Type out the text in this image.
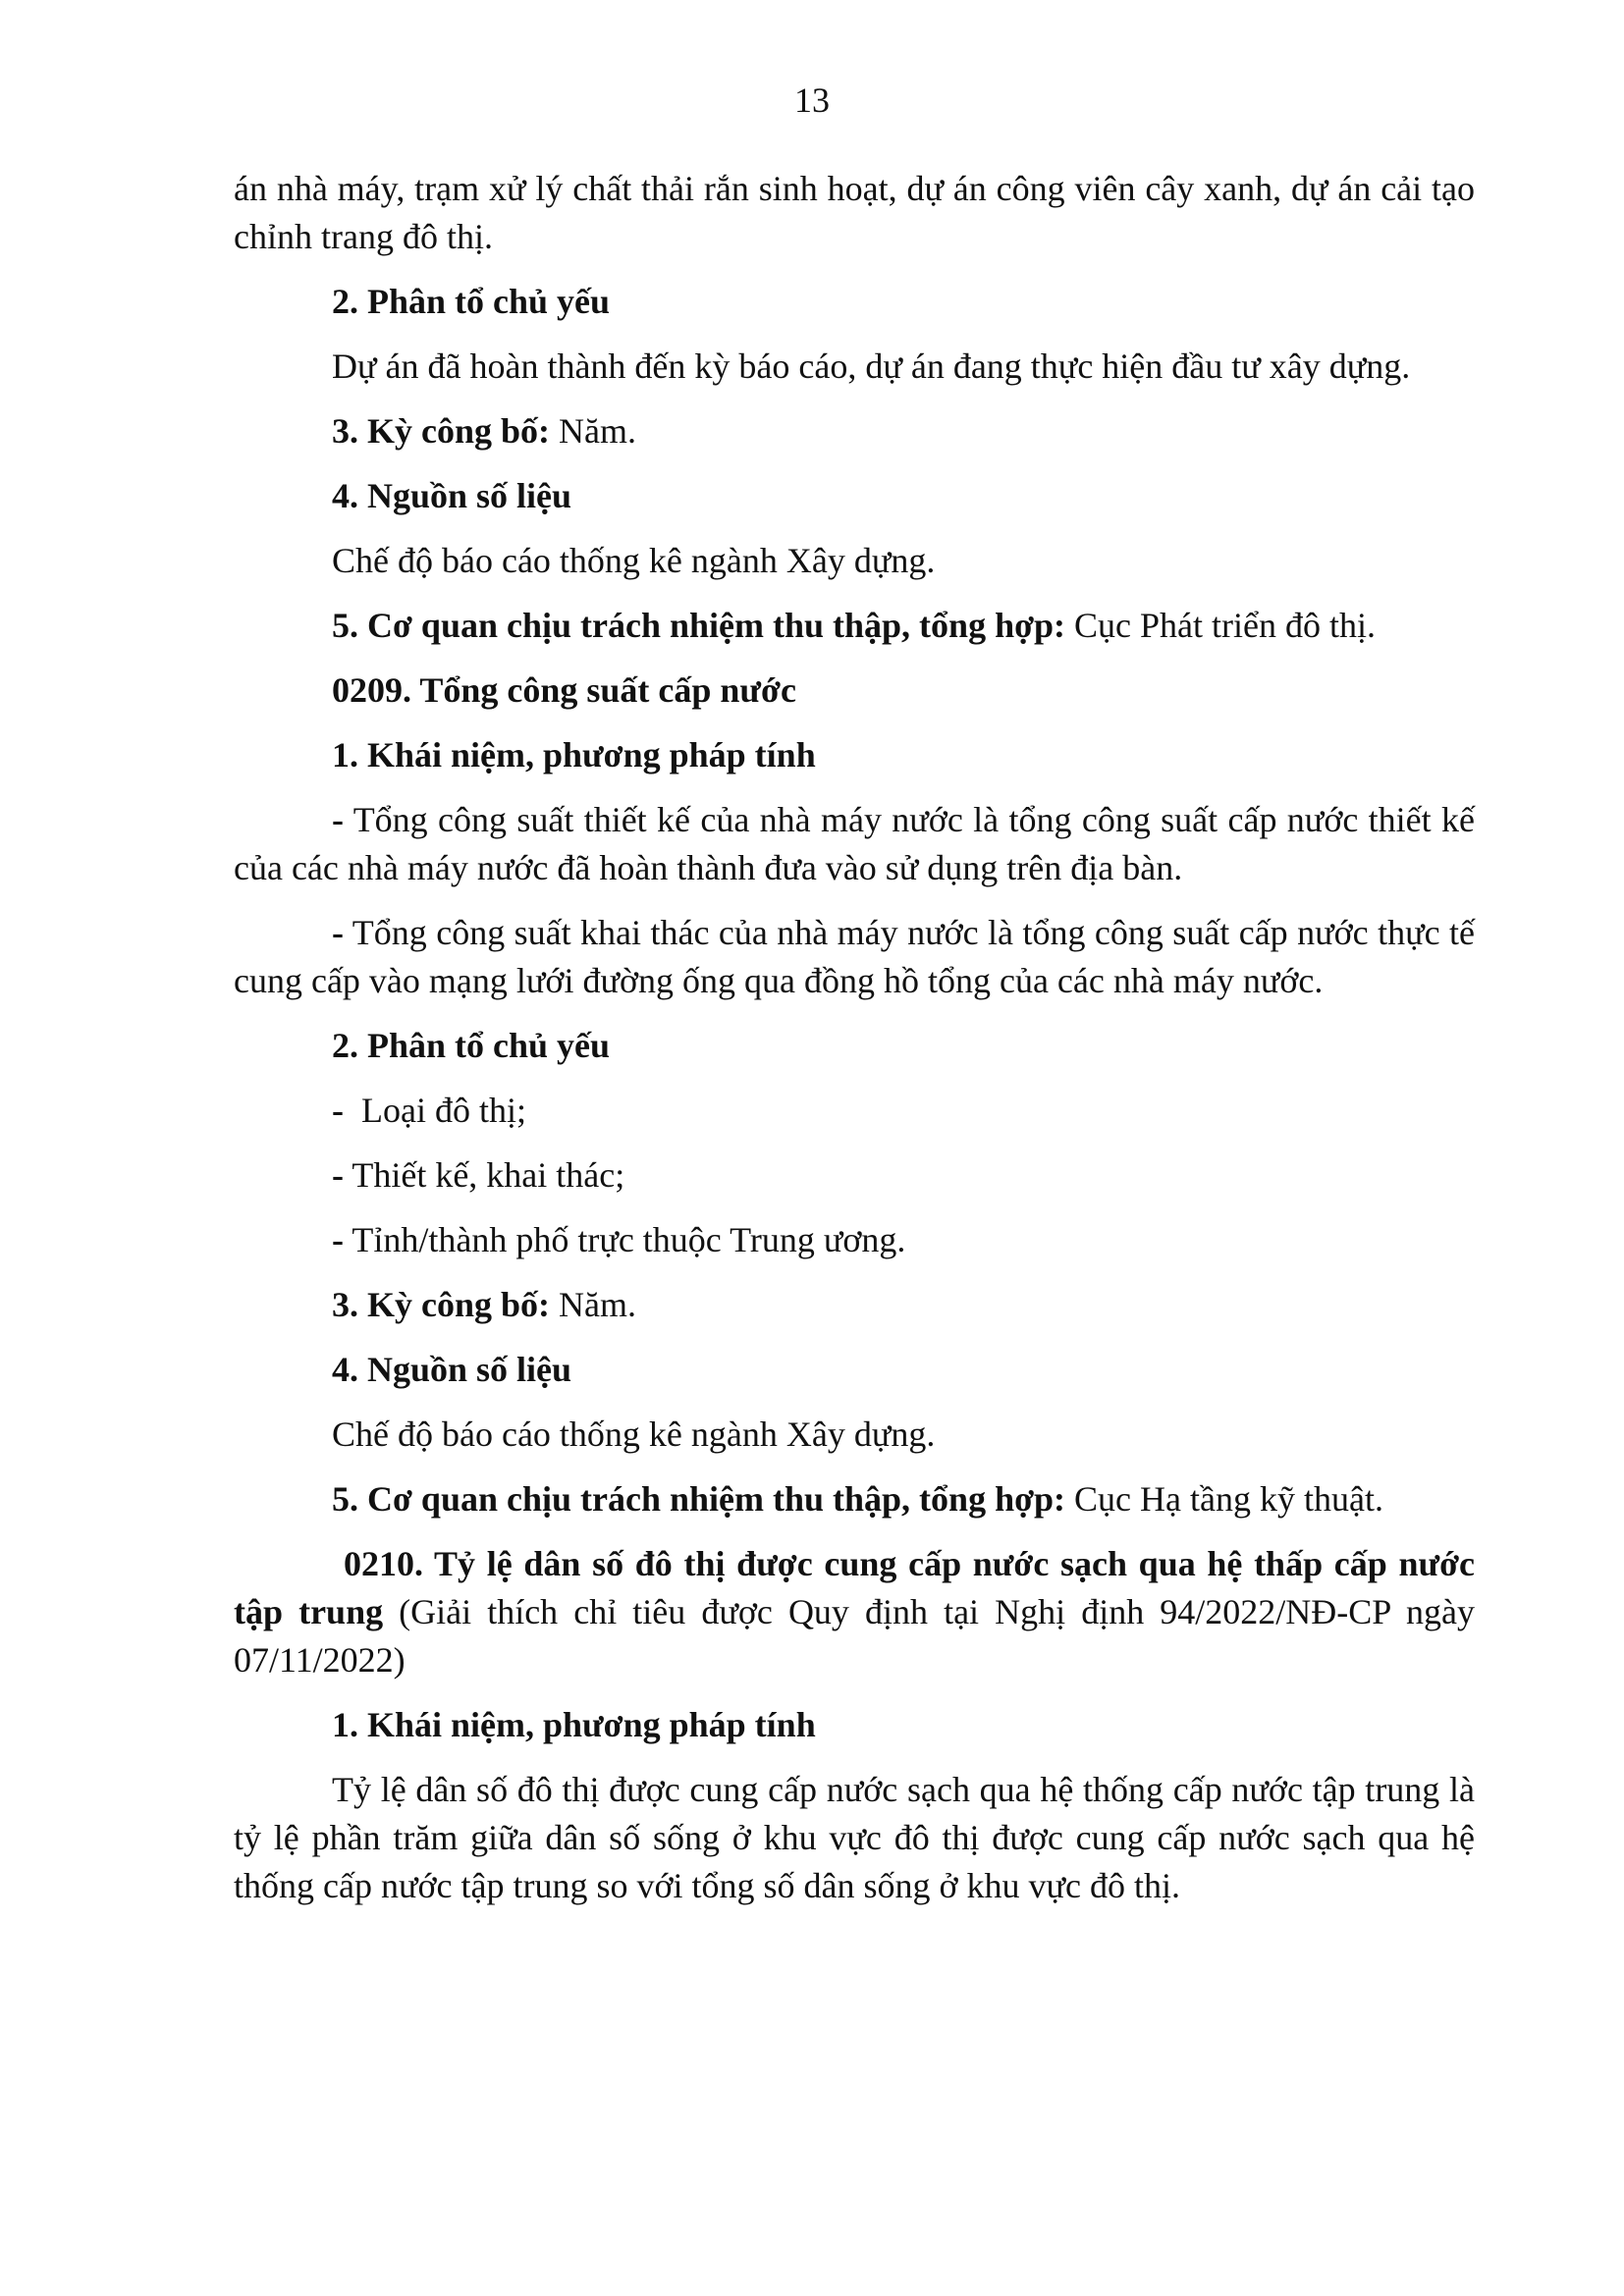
13

án nhà máy, trạm xử lý chất thải rắn sinh hoạt, dự án công viên cây xanh, dự án cải tạo chỉnh trang đô thị.

2. Phân tổ chủ yếu

Dự án đã hoàn thành đến kỳ báo cáo, dự án đang thực hiện đầu tư xây dựng.

3. Kỳ công bố: Năm.

4. Nguồn số liệu

Chế độ báo cáo thống kê ngành Xây dựng.

5. Cơ quan chịu trách nhiệm thu thập, tổng hợp: Cục Phát triển đô thị.

0209. Tổng công suất cấp nước

1. Khái niệm, phương pháp tính

- Tổng công suất thiết kế của nhà máy nước là tổng công suất cấp nước thiết kế của các nhà máy nước đã hoàn thành đưa vào sử dụng trên địa bàn.

- Tổng công suất khai thác của nhà máy nước là tổng công suất cấp nước thực tế cung cấp vào mạng lưới đường ống qua đồng hồ tổng của các nhà máy nước.

2. Phân tổ chủ yếu

-  Loại đô thị;

- Thiết kế, khai thác;

- Tỉnh/thành phố trực thuộc Trung ương.

3. Kỳ công bố: Năm.

4. Nguồn số liệu

Chế độ báo cáo thống kê ngành Xây dựng.

5. Cơ quan chịu trách nhiệm thu thập, tổng hợp: Cục Hạ tầng kỹ thuật.

0210. Tỷ lệ dân số đô thị được cung cấp nước sạch qua hệ thấp cấp nước tập trung (Giải thích chỉ tiêu được Quy định tại Nghị định 94/2022/NĐ-CP ngày 07/11/2022)

1. Khái niệm, phương pháp tính

Tỷ lệ dân số đô thị được cung cấp nước sạch qua hệ thống cấp nước tập trung là tỷ lệ phần trăm giữa dân số sống ở khu vực đô thị được cung cấp nước sạch qua hệ thống cấp nước tập trung so với tổng số dân sống ở khu vực đô thị.
